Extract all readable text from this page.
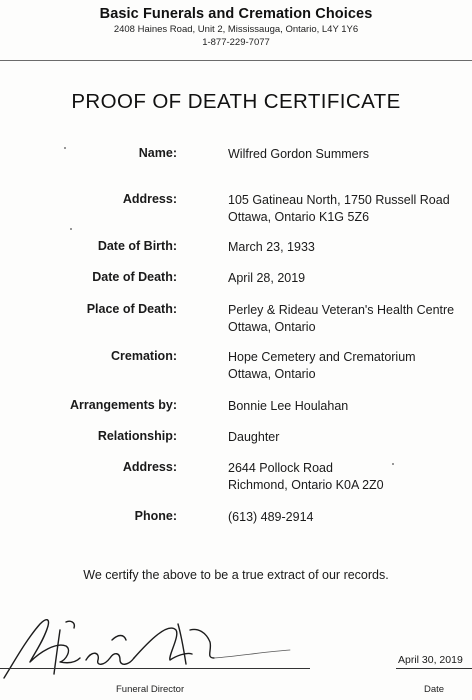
Basic Funerals and Cremation Choices
2408 Haines Road, Unit 2, Mississauga, Ontario, L4Y 1Y6
1-877-229-7077
PROOF OF DEATH CERTIFICATE
Name:	Wilfred Gordon Summers
Address:	105 Gatineau North, 1750 Russell Road
Ottawa, Ontario K1G 5Z6
Date of Birth:	March 23, 1933
Date of Death:	April 28, 2019
Place of Death:	Perley & Rideau Veteran's Health Centre
Ottawa, Ontario
Cremation:	Hope Cemetery and Crematorium
Ottawa, Ontario
Arrangements by:	Bonnie Lee Houlahan
Relationship:	Daughter
Address:	2644 Pollock Road
Richmond, Ontario K0A 2Z0
Phone:	(613) 489-2914
We certify the above to be a true extract of our records.
April 30, 2019
Funeral Director	Date
